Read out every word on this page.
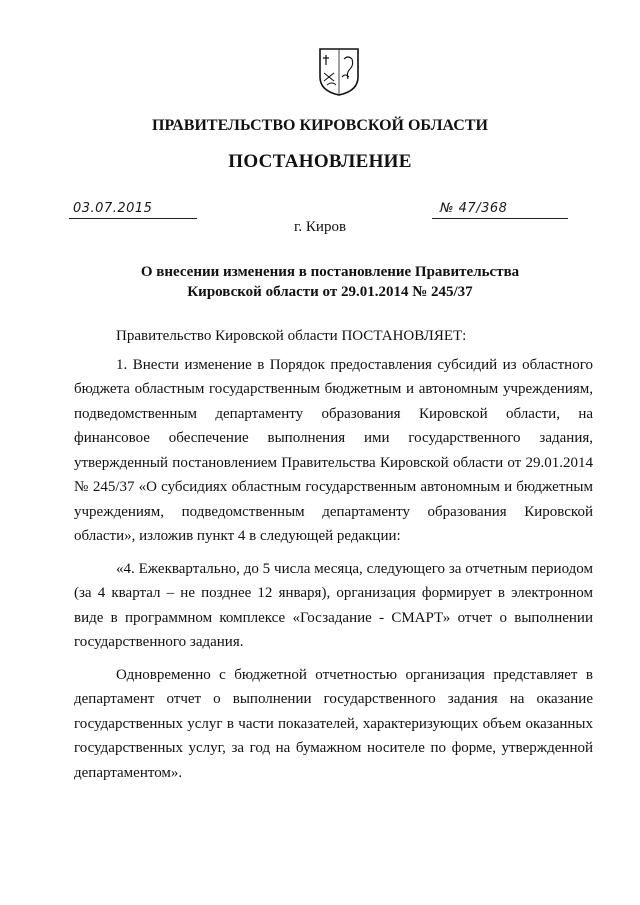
ПРАВИТЕЛЬСТВО КИРОВСКОЙ ОБЛАСТИ
ПОСТАНОВЛЕНИЕ
03.07.2015	№ 47/368
г. Киров
О внесении изменения в постановление Правительства
Кировской области от 29.01.2014 № 245/37

Правительство Кировской области ПОСТАНОВЛЯЕТ:

1. Внести изменение в Порядок предоставления субсидий из областного бюджета областным государственным бюджетным и автономным учреждениям, подведомственным департаменту образования Кировской области, на финансовое обеспечение выполнения ими государственного задания, утвержденный постановлением Правительства Кировской области от 29.01.2014 № 245/37 «О субсидиях областным государственным автономным и бюджетным учреждениям, подведомственным департаменту образования Кировской области», изложив пункт 4 в следующей редакции:

«4. Ежеквартально, до 5 числа месяца, следующего за отчетным периодом (за 4 квартал – не позднее 12 января), организация формирует в электронном виде в программном комплексе «Госзадание - СМАРТ» отчет о выполнении государственного задания.

Одновременно с бюджетной отчетностью организация представляет в департамент отчет о выполнении государственного задания на оказание государственных услуг в части показателей, характеризующих объем оказанных государственных услуг, за год на бумажном носителе по форме, утвержденной департаментом».
